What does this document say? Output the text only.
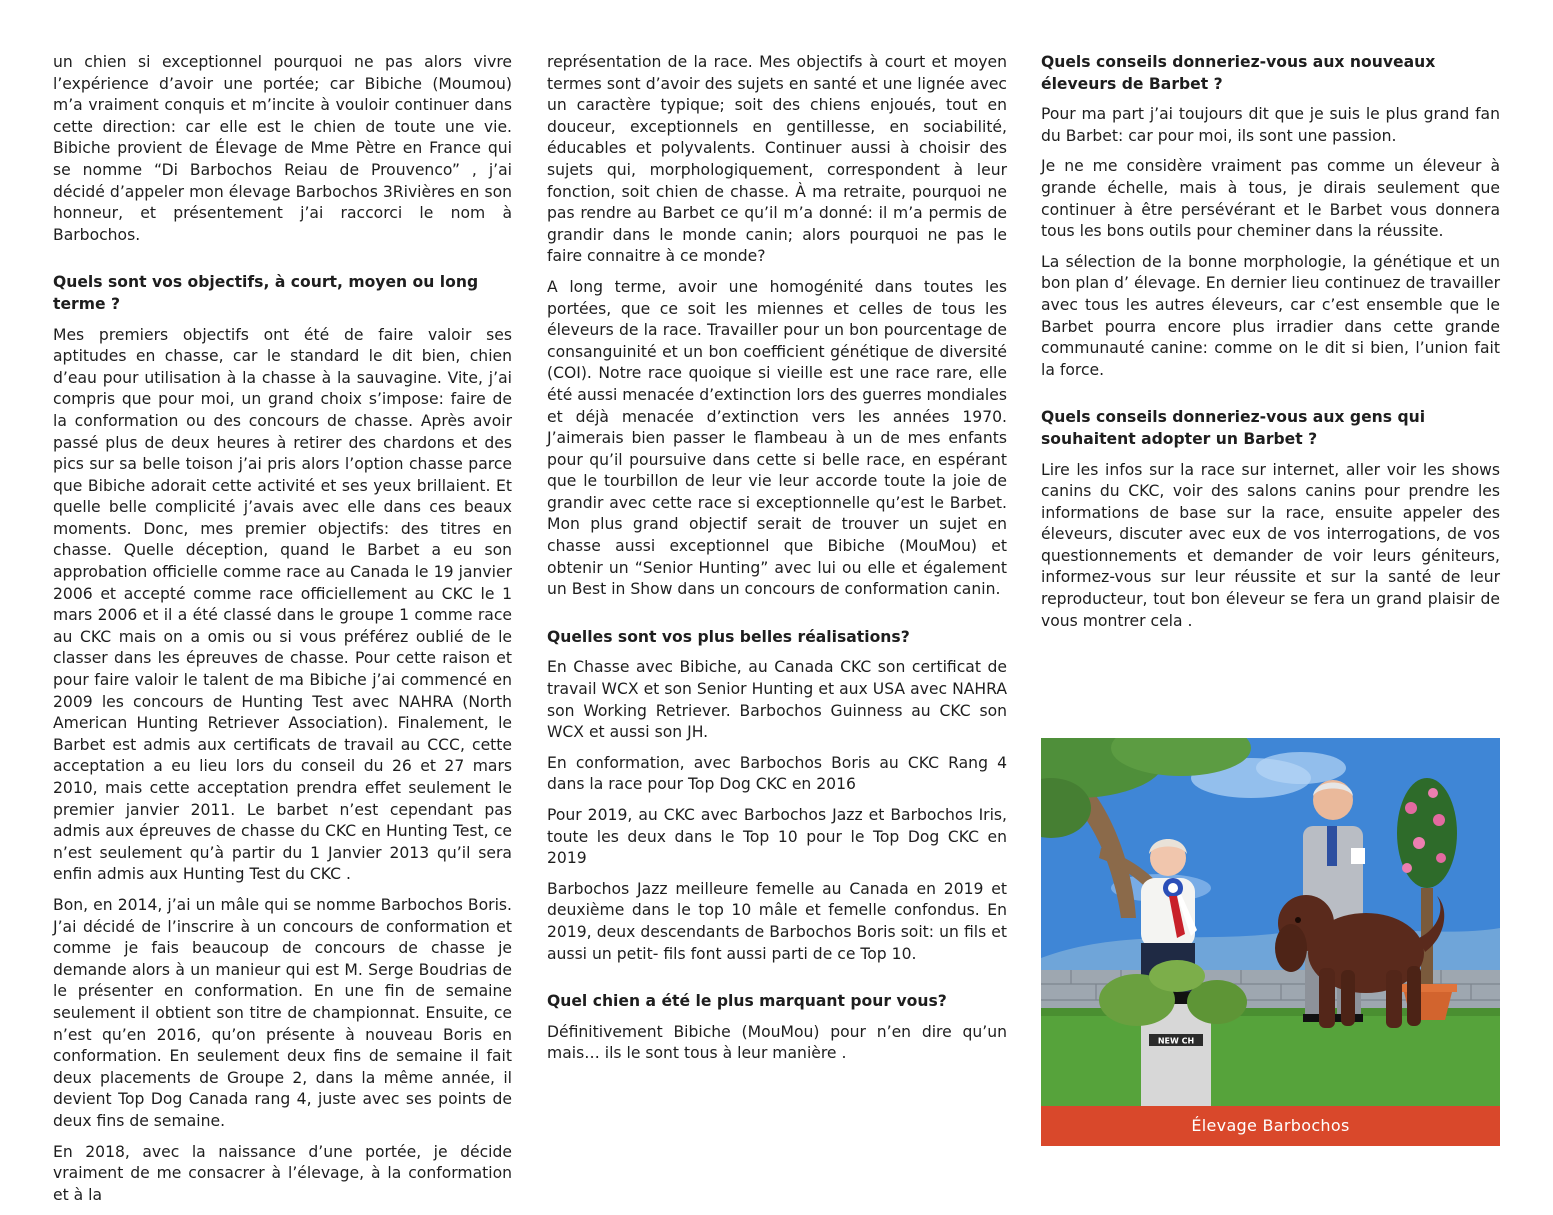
un chien si exceptionnel pourquoi ne pas alors vivre l’expérience d’avoir une portée; car Bibiche (Moumou) m’a vraiment conquis et m’incite à vouloir continuer dans cette direction: car elle est le chien de toute une vie. Bibiche provient de Élevage de Mme Pètre en France qui se nomme “Di Barbochos Reiau de Prouvenco” , j’ai décidé d’appeler mon élevage Barbochos 3Rivières en son honneur, et présentement j’ai raccorci le nom à Barbochos.

Quels sont vos objectifs, à court, moyen ou long terme ?

Mes premiers objectifs ont été de faire valoir ses aptitudes en chasse, car le standard le dit bien, chien d’eau pour utilisation à la chasse à la sauvagine. Vite, j’ai compris que pour moi, un grand choix s’impose: faire de la conformation ou des concours de chasse. Après avoir passé plus de deux heures à retirer des chardons et des pics sur sa belle toison j’ai pris alors l’option chasse parce que Bibiche adorait cette activité et ses yeux brillaient. Et quelle belle complicité j’avais avec elle dans ces beaux moments. Donc, mes premier objectifs: des titres en chasse. Quelle déception, quand le Barbet a eu son approbation officielle comme race au Canada le 19 janvier 2006 et accepté comme race officiellement au CKC le 1 mars 2006 et il a été classé dans le groupe 1 comme race au CKC mais on a omis ou si vous préférez oublié de le classer dans les épreuves de chasse. Pour cette raison et pour faire valoir le talent de ma Bibiche j’ai commencé en 2009 les concours de Hunting Test avec NAHRA (North American Hunting Retriever Association). Finalement, le Barbet est admis aux certificats de travail au CCC, cette acceptation a eu lieu lors du conseil du 26 et 27 mars 2010, mais cette acceptation prendra effet seulement le premier janvier 2011. Le barbet n’est cependant pas admis aux épreuves de chasse du CKC en Hunting Test, ce n’est seulement qu’à partir du 1 Janvier 2013 qu’il sera enfin admis aux Hunting Test du CKC .

Bon, en 2014, j’ai un mâle qui se nomme Barbochos Boris. J’ai décidé de l’inscrire à un concours de conformation et comme je fais beaucoup de concours de chasse je demande alors à un manieur qui est M. Serge Boudrias de le présenter en conformation. En une fin de semaine seulement il obtient son titre de championnat. Ensuite, ce n’est qu’en 2016, qu’on présente à nouveau Boris en conformation. En seulement deux fins de semaine il fait deux placements de Groupe 2, dans la même année, il devient Top Dog Canada rang 4, juste avec ses points de deux fins de semaine.

En 2018, avec la naissance d’une portée, je décide vraiment de me consacrer à l’élevage, à la conformation et à la

représentation de la race. Mes objectifs à court et moyen termes sont d’avoir des sujets en santé et une lignée avec un caractère typique; soit des chiens enjoués, tout en douceur, exceptionnels en gentillesse, en sociabilité, éducables et polyvalents. Continuer aussi à choisir des sujets qui, morphologiquement, correspondent à leur fonction, soit chien de chasse. À ma retraite, pourquoi ne pas rendre au Barbet ce qu’il m’a donné: il m’a permis de grandir dans le monde canin; alors pourquoi ne pas le faire connaitre à ce monde?

A long terme, avoir une homogénité dans toutes les portées, que ce soit les miennes et celles de tous les éleveurs de la race. Travailler pour un bon pourcentage de consanguinité et un bon coefficient génétique de diversité (COI). Notre race quoique si vieille est une race rare, elle été aussi menacée d’extinction lors des guerres mondiales et déjà menacée d’extinction vers les années 1970. J’aimerais bien passer le flambeau à un de mes enfants pour qu’il poursuive dans cette si belle race, en espérant que le tourbillon de leur vie leur accorde toute la joie de grandir avec cette race si exceptionnelle qu’est le Barbet. Mon plus grand objectif serait de trouver un sujet en chasse aussi exceptionnel que Bibiche (MouMou) et obtenir un “Senior Hunting” avec lui ou elle et également un Best in Show dans un concours de conformation canin.

Quelles sont vos plus belles réalisations?

En Chasse avec Bibiche, au Canada CKC son certificat de travail WCX et son Senior Hunting et aux USA avec NAHRA son Working Retriever. Barbochos Guinness au CKC son WCX et aussi son JH.

En conformation, avec Barbochos Boris au CKC Rang 4 dans la race pour Top Dog CKC en 2016

Pour 2019, au CKC avec Barbochos Jazz et Barbochos Iris, toute les deux dans le Top 10 pour le Top Dog CKC en 2019

Barbochos Jazz meilleure femelle au Canada en 2019 et deuxième dans le top 10 mâle et femelle confondus. En 2019, deux descendants de Barbochos Boris soit: un fils et aussi un petit- fils font aussi parti de ce Top 10.

Quel chien a été le plus marquant pour vous?

Définitivement Bibiche (MouMou) pour n’en dire qu’un mais… ils le sont tous à leur manière .

Quels conseils donneriez-vous aux nouveaux éleveurs de Barbet ?

Pour ma part j’ai toujours dit que je suis le plus grand fan du Barbet: car pour moi, ils sont une passion.

Je ne me considère vraiment pas comme un éleveur à grande échelle, mais à tous, je dirais seulement que continuer à être persévérant et le Barbet vous donnera tous les bons outils pour cheminer dans la réussite.

La sélection de la bonne morphologie, la génétique et un bon plan d’ élevage. En dernier lieu continuez de travailler avec tous les autres éleveurs, car c’est ensemble que le Barbet pourra encore plus irradier dans cette grande communauté canine: comme on le dit si bien, l’union fait la force.

Quels conseils donneriez-vous aux gens qui souhaitent adopter un Barbet ?

Lire les infos sur la race sur internet, aller voir les shows canins du CKC, voir des salons canins pour prendre les informations de base sur la race, ensuite appeler des éleveurs, discuter avec eux de vos interrogations, de vos questionnements et demander de voir leurs géniteurs, informez-vous sur leur réussite et sur la santé de leur reproducteur, tout bon éleveur se fera un grand plaisir de vous montrer cela .

NEW CH
Élevage Barbochos
